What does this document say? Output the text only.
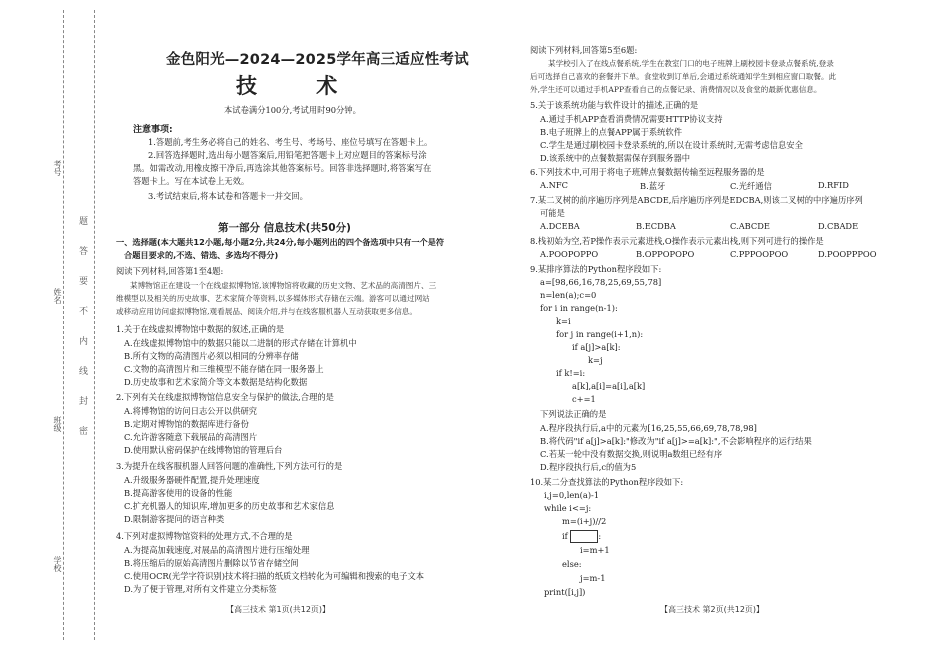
考号
姓名
班级
学校
题
答
要
不
内
线
封
密
金色阳光—2024—2025学年高三适应性考试
技 术
本试卷满分100分,考试用时90分钟。
注意事项:
1.答题前,考生务必将自己的姓名、考生号、考场号、座位号填写在答题卡上。
2.回答选择题时,选出每小题答案后,用铅笔把答题卡上对应题目的答案标号涂
黑。如需改动,用橡皮擦干净后,再选涂其他答案标号。回答非选择题时,将答案写在
答题卡上。写在本试卷上无效。
3.考试结束后,将本试卷和答题卡一并交回。
第一部分 信息技术(共50分)
一、选择题(本大题共12小题,每小题2分,共24分,每小题列出的四个备选项中只有一个是符
合题目要求的,不选、错选、多选均不得分)
阅读下列材料,回答第1至4题:
某博物馆正在建设一个在线虚拟博物馆,该博物馆将收藏的历史文物、艺术品的高清图片、三
维模型以及相关的历史故事、艺术家简介等资料,以多媒体形式存储在云端。游客可以通过网站
或移动应用访问虚拟博物馆,观看展品、阅读介绍,并与在线客服机器人互动获取更多信息。
1.关于在线虚拟博物馆中数据的叙述,正确的是
A.在线虚拟博物馆中的数据只能以二进制的形式存储在计算机中
B.所有文物的高清图片必须以相同的分辨率存储
C.文物的高清图片和三维模型不能存储在同一服务器上
D.历史故事和艺术家简介等文本数据是结构化数据
2.下列有关在线虚拟博物馆信息安全与保护的做法,合理的是
A.将博物馆的访问日志公开以供研究
B.定期对博物馆的数据库进行备份
C.允许游客随意下载展品的高清图片
D.使用默认密码保护在线博物馆的管理后台
3.为提升在线客服机器人回答问题的准确性,下列方法可行的是
A.升级服务器硬件配置,提升处理速度
B.提高游客使用的设备的性能
C.扩充机器人的知识库,增加更多的历史故事和艺术家信息
D.限制游客提问的语言种类
4.下列对虚拟博物馆资料的处理方式,不合理的是
A.为提高加载速度,对展品的高清图片进行压缩处理
B.将压缩后的原始高清图片删除以节省存储空间
C.使用OCR(光学字符识别)技术将扫描的纸质文档转化为可编辑和搜索的电子文本
D.为了便于管理,对所有文件建立分类标签
【高三技术 第1页(共12页)】
阅读下列材料,回答第5至6题:
某学校引入了在线点餐系统,学生在教室门口的电子班牌上刷校园卡登录点餐系统,登录
后可选择自己喜欢的套餐并下单。食堂收到订单后,会通过系统通知学生到相应窗口取餐。此
外,学生还可以通过手机APP查看自己的点餐记录、消费情况以及食堂的最新优惠信息。
5.关于该系统功能与软件设计的描述,正确的是
A.通过手机APP查看消费情况需要HTTP协议支持
B.电子班牌上的点餐APP属于系统软件
C.学生是通过刷校园卡登录系统的,所以在设计系统时,无需考虑信息安全
D.该系统中的点餐数据需保存到服务器中
6.下列技术中,可用于将电子班牌点餐数据传输至远程服务器的是
A.NFC	B.蓝牙	C.光纤通信	D.RFID
7.某二叉树的前序遍历序列是ABCDE,后序遍历序列是EDCBA,则该二叉树的中序遍历序列
可能是
A.DCEBA	B.ECDBA	C.ABCDE	D.CBADE
8.栈初始为空,若P操作表示元素进栈,O操作表示元素出栈,则下列可进行的操作是
A.POOPOPPO	B.OPPOPOPO	C.PPPOOPOO	D.POOPPPOO
9.某排序算法的Python程序段如下:
a=[98,66,16,78,25,69,55,78]
n=len(a);c=0
for i in range(n-1):
k=i
for j in range(i+1,n):
if a[j]>a[k]:
k=j
if k!=i:
a[k],a[i]=a[i],a[k]
c+=1
下列说法正确的是
A.程序段执行后,a中的元素为[16,25,55,66,69,78,78,98]
B.将代码"if a[j]>a[k]:"修改为"if a[j]>=a[k]:",不会影响程序的运行结果
C.若某一轮中没有数据交换,则说明a数组已经有序
D.程序段执行后,c的值为5
10.某二分查找算法的Python程序段如下:
i,j=0,len(a)-1
while i<=j:
m=(i+j)//2
if	:
i=m+1
else:
j=m-1
print([i,j])
【高三技术 第2页(共12页)】
